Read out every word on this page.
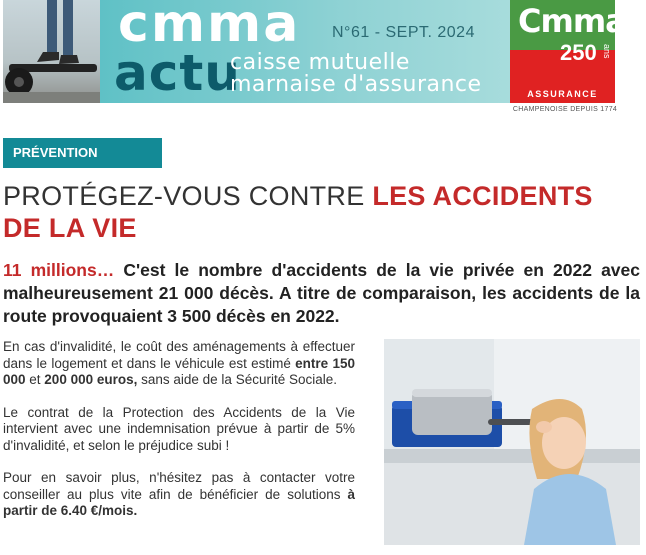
cmma
actu
N°61 - SEPT. 2024
caisse mutuelle
marnaise d'assurance
Cmma
250 ans
ASSURANCE
CHAMPENOISE DEPUIS 1774
PRÉVENTION
PROTÉGEZ-VOUS CONTRE LES ACCIDENTS DE LA VIE
11 millions… C'est le nombre d'accidents de la vie privée en 2022 avec malheureusement 21 000 décès. A titre de comparaison, les accidents de la route provoquaient 3 500 décès en 2022.

En cas d'invalidité, le coût des aménagements à effectuer dans le logement et dans le véhicule est estimé entre 150 000 et 200 000 euros, sans aide de la Sécurité Sociale.

Le contrat de la Protection des Accidents de la Vie intervient avec une indemnisation prévue à partir de 5% d'invalidité, et selon le préjudice subi !

Pour en savoir plus, n'hésitez pas à contacter votre conseiller au plus vite afin de bénéficier de solutions à partir de 6.40 €/mois.
